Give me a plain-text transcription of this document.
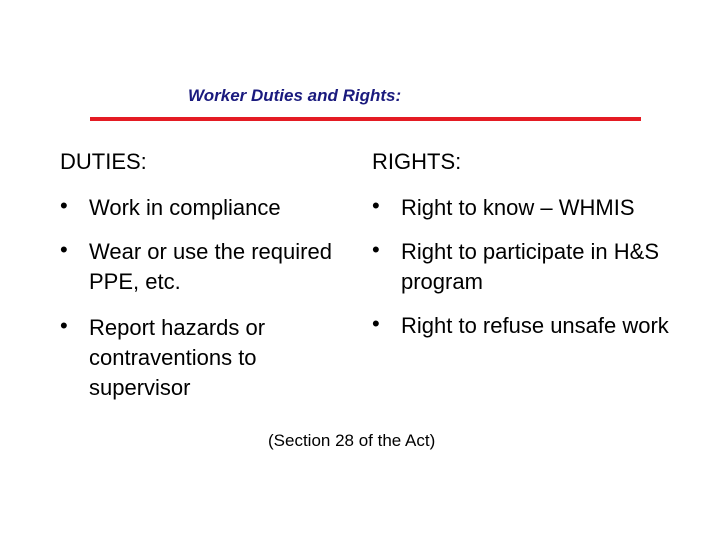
Worker Duties and Rights:
DUTIES:	RIGHTS:
• Work in compliance
• Wear or use the required PPE, etc.
• Report hazards or contraventions to supervisor
• Right to know – WHMIS
• Right to participate in H&S program
• Right to refuse unsafe work
(Section 28 of the Act)
